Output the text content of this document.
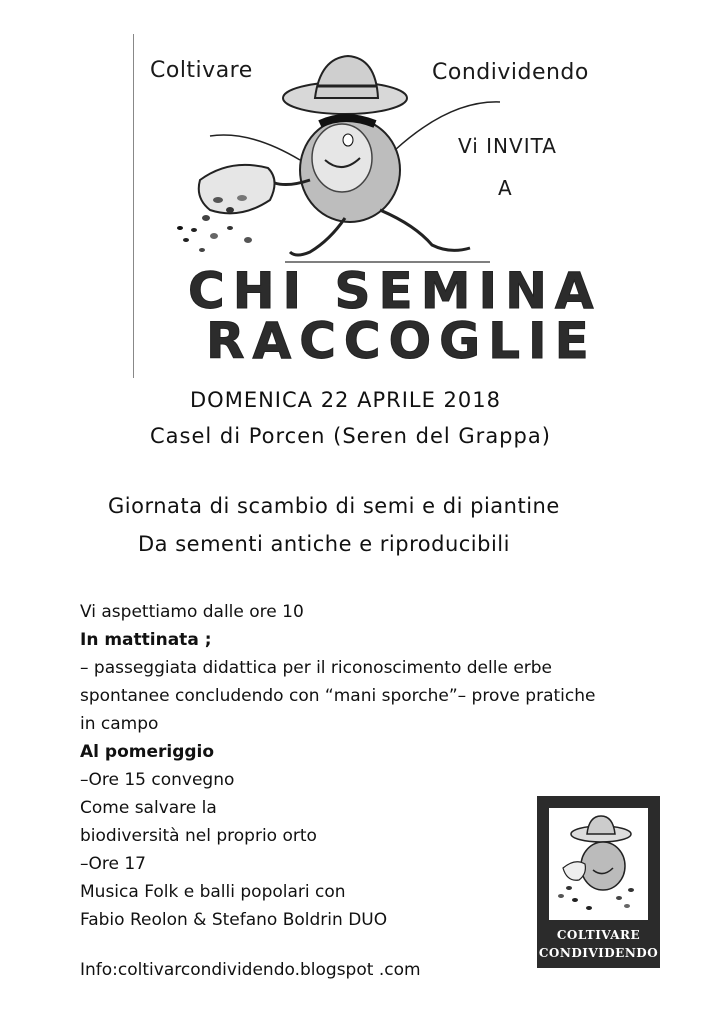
Coltivare	Condividendo
Vi INVITA
A
CHI SEMINA
RACCOGLIE
DOMENICA 22 APRILE 2018
Casel di Porcen (Seren del Grappa)
Giornata di scambio di semi e di piantine
Da sementi antiche e riproducibili
Vi aspettiamo dalle ore 10
In mattinata ;
– passeggiata didattica per il riconoscimento delle erbe
spontanee concludendo con “mani sporche”– prove pratiche
in campo
Al pomeriggio
–Ore 15 convegno
Come salvare la
biodiversità nel proprio orto
–Ore 17
Musica Folk e balli popolari con
Fabio Reolon & Stefano Boldrin DUO
Info:coltivarcondividendo.blogspot .com
COLTIVARE
CONDIVIDENDO
